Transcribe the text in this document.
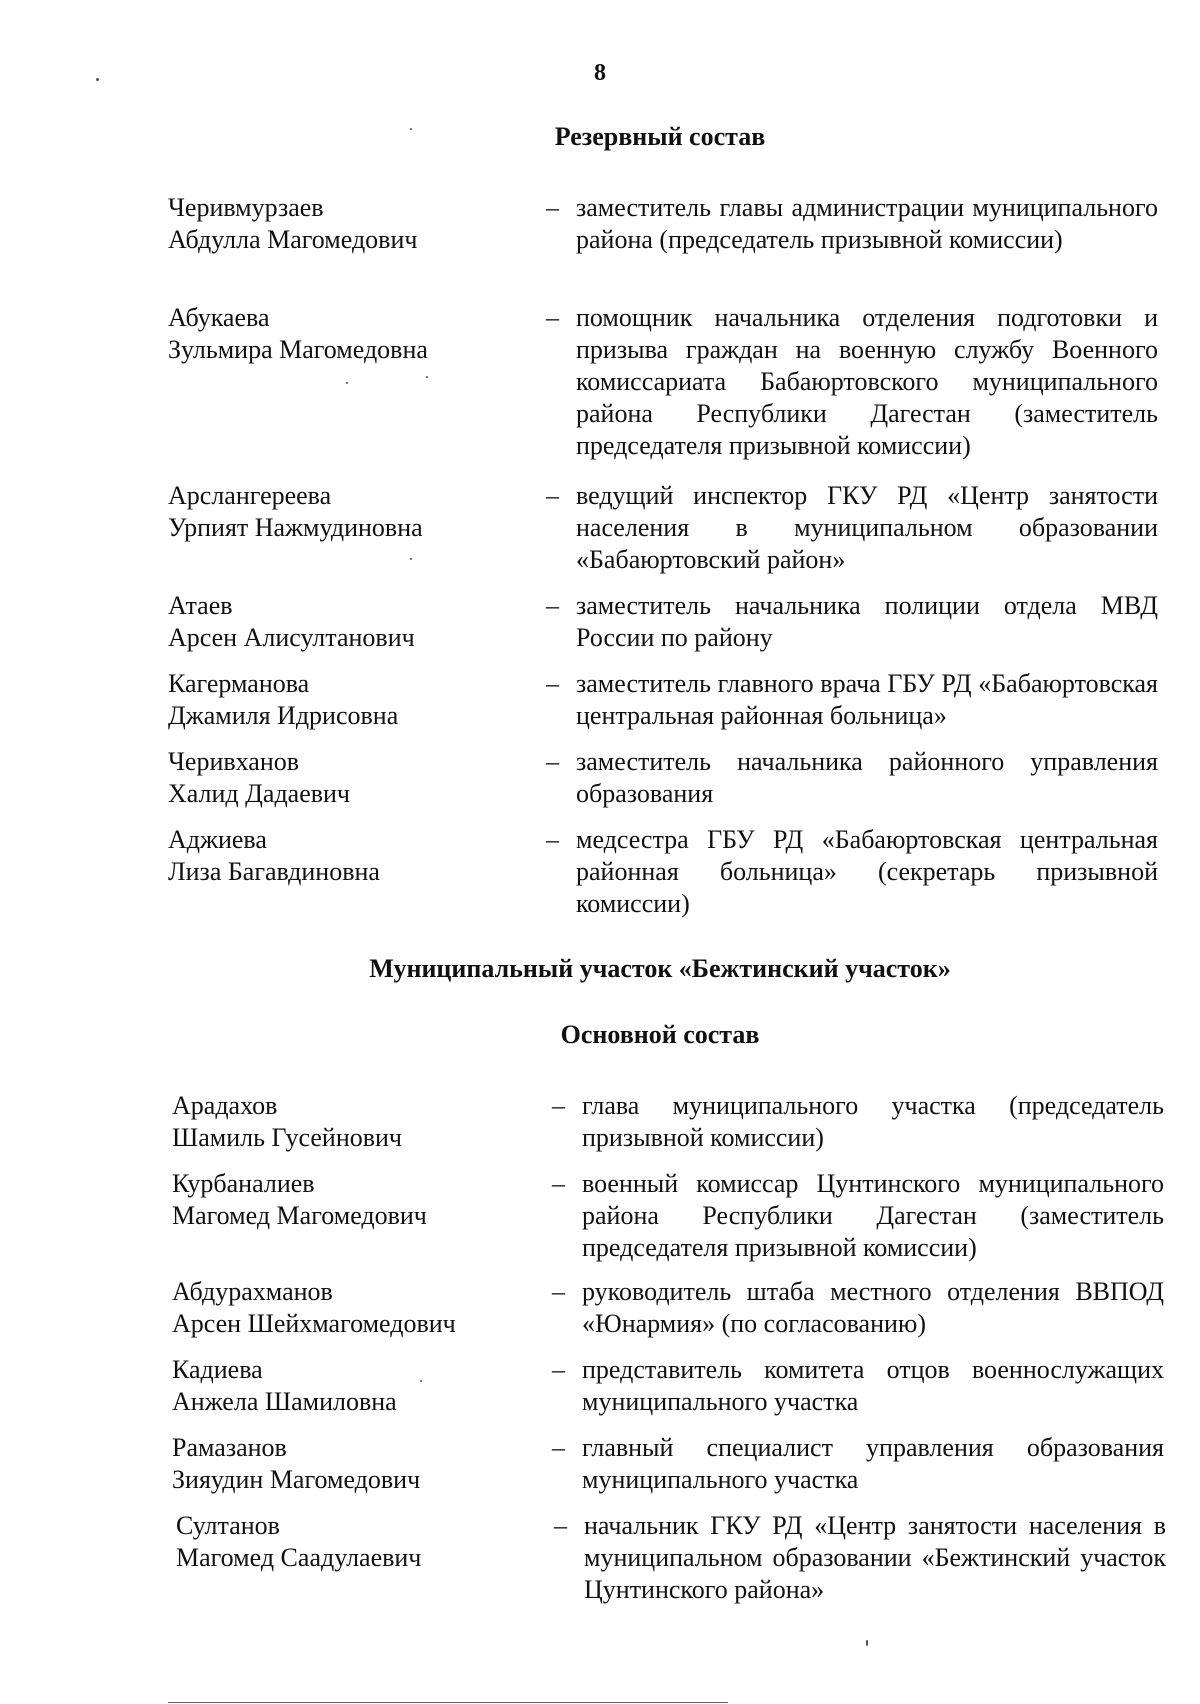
8
Резервный состав
Черивмурзаев
Абдулла Магомедович
– заместитель главы администрации муниципального района (председатель призывной комиссии)
Абукаева
Зульмира Магомедовна
– помощник начальника отделения подготовки и призыва граждан на военную службу Военного комиссариата Бабаюртовского муниципального района Республики Дагестан (заместитель председателя призывной комиссии)
Арслангереева
Урпият Нажмудиновна
– ведущий инспектор ГКУ РД «Центр занятости населения в муниципальном образовании «Бабаюртовский район»
Атаев
Арсен Алисултанович
– заместитель начальника полиции отдела МВД России по району
Кагерманова
Джамиля Идрисовна
– заместитель главного врача ГБУ РД «Бабаюртовская центральная районная больница»
Черивханов
Халид Дадаевич
– заместитель начальника районного управления образования
Аджиева
Лиза Багавдиновна
– медсестра ГБУ РД «Бабаюртовская центральная районная больница» (секретарь призывной комиссии)
Муниципальный участок «Бежтинский участок»
Основной состав
Арадахов
Шамиль Гусейнович
– глава муниципального участка (председатель призывной комиссии)
Курбаналиев
Магомед Магомедович
– военный комиссар Цунтинского муниципального района Республики Дагестан (заместитель председателя призывной комиссии)
Абдурахманов
Арсен Шейхмагомедович
– руководитель штаба местного отделения ВВПОД «Юнармия» (по согласованию)
Кадиева
Анжела Шамиловна
– представитель комитета отцов военнослужащих муниципального участка
Рамазанов
Зияудин Магомедович
– главный специалист управления образования муниципального участка
Султанов
Магомед Саадулаевич
– начальник ГКУ РД «Центр занятости населения в муниципальном образовании «Бежтинский участок Цунтинского района»
